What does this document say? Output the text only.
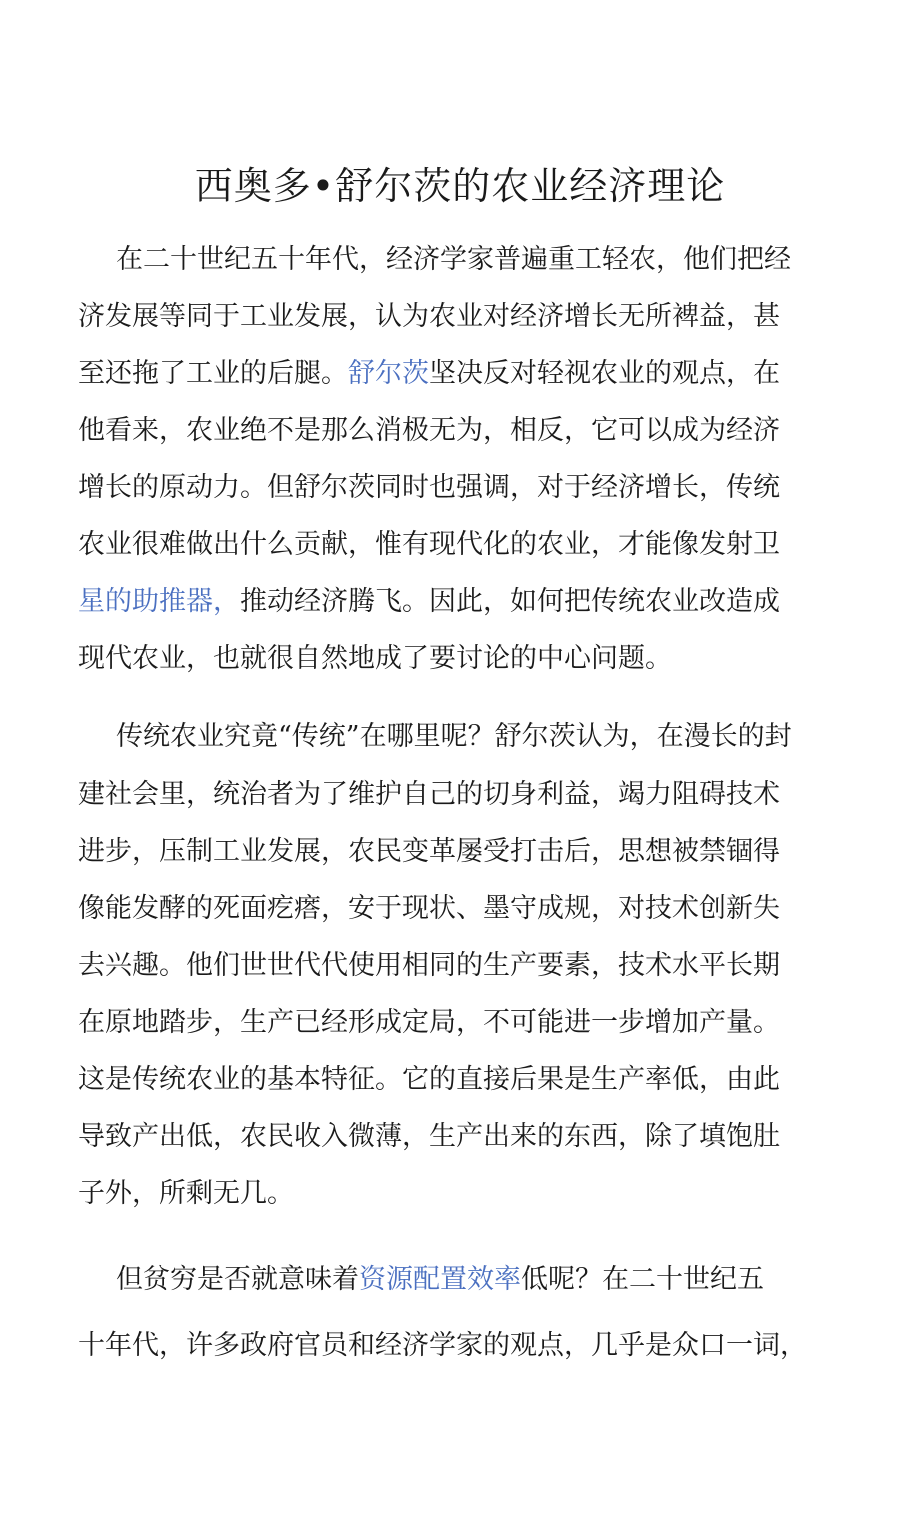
西奥多•舒尔茨的农业经济理论

在二十世纪五十年代，经济学家普遍重工轻农，他们把经

济发展等同于工业发展，认为农业对经济增长无所裨益，甚

至还拖了工业的后腿。舒尔茨坚决反对轻视农业的观点，在

他看来，农业绝不是那么消极无为，相反，它可以成为经济

增长的原动力。但舒尔茨同时也强调，对于经济增长，传统

农业很难做出什么贡献，惟有现代化的农业，才能像发射卫

星的助推器，推动经济腾飞。因此，如何把传统农业改造成

现代农业，也就很自然地成了要讨论的中心问题。

传统农业究竟“传统”在哪里呢？舒尔茨认为，在漫长的封

建社会里，统治者为了维护自己的切身利益，竭力阻碍技术

进步，压制工业发展，农民变革屡受打击后，思想被禁锢得

像能发酵的死面疙瘩，安于现状、墨守成规，对技术创新失

去兴趣。他们世世代代使用相同的生产要素，技术水平长期

在原地踏步，生产已经形成定局，不可能进一步增加产量。

这是传统农业的基本特征。它的直接后果是生产率低，由此

导致产出低，农民收入微薄，生产出来的东西，除了填饱肚

子外，所剩无几。

但贫穷是否就意味着资源配置效率低呢？在二十世纪五

十年代，许多政府官员和经济学家的观点，几乎是众口一词，
